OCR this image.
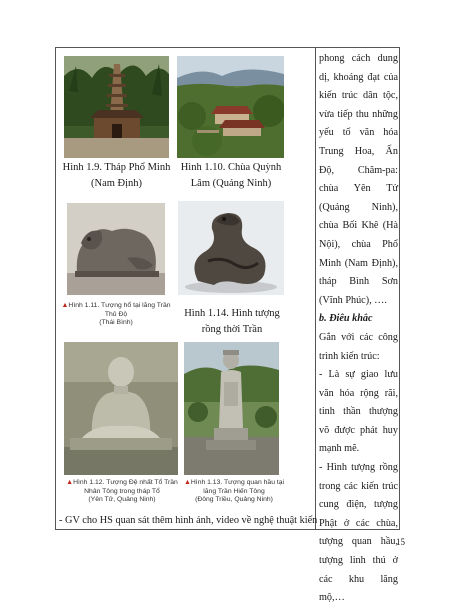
Hình 1.9. Tháp Phổ Minh (Nam Định)
Hình 1.10. Chùa Quỳnh Lâm (Quảng Ninh)
▲Hình 1.11. Tượng hổ tại lăng Trần Thủ Độ
(Thái Bình)
Hình 1.14. Hình tượng rồng thời Trần
▲Hình 1.12. Tượng Đệ nhất Tổ Trần Nhân Tông trong tháp Tổ
(Yên Tử, Quảng Ninh)
▲Hình 1.13. Tượng quan hầu tại lăng Trần Hiến Tông
(Đông Triều, Quảng Ninh)
- GV cho HS quan sát thêm hình ảnh, video về nghệ thuật kiến

phong cách dung dị, khoáng đạt của kiến trúc dân tộc, vừa tiếp thu những yếu tố văn hóa Trung Hoa, Ấn Độ, Chăm-pa: chùa Yên Tử (Quảng Ninh), chùa Bối Khê (Hà Nội), chùa Phổ Minh (Nam Định), tháp Bình Sơn (Vĩnh Phúc), ….

b. Điêu khắc

Gắn với các công trình kiến trúc:

- Là sự giao lưu văn hóa rộng rãi, tinh thần thượng võ được phát huy mạnh mẽ.

- Hình tượng rồng trong các kiến trúc cung điện, tượng Phật ở các chùa, tượng quan hầu, tượng linh thú ở các khu lăng mộ,…

15
